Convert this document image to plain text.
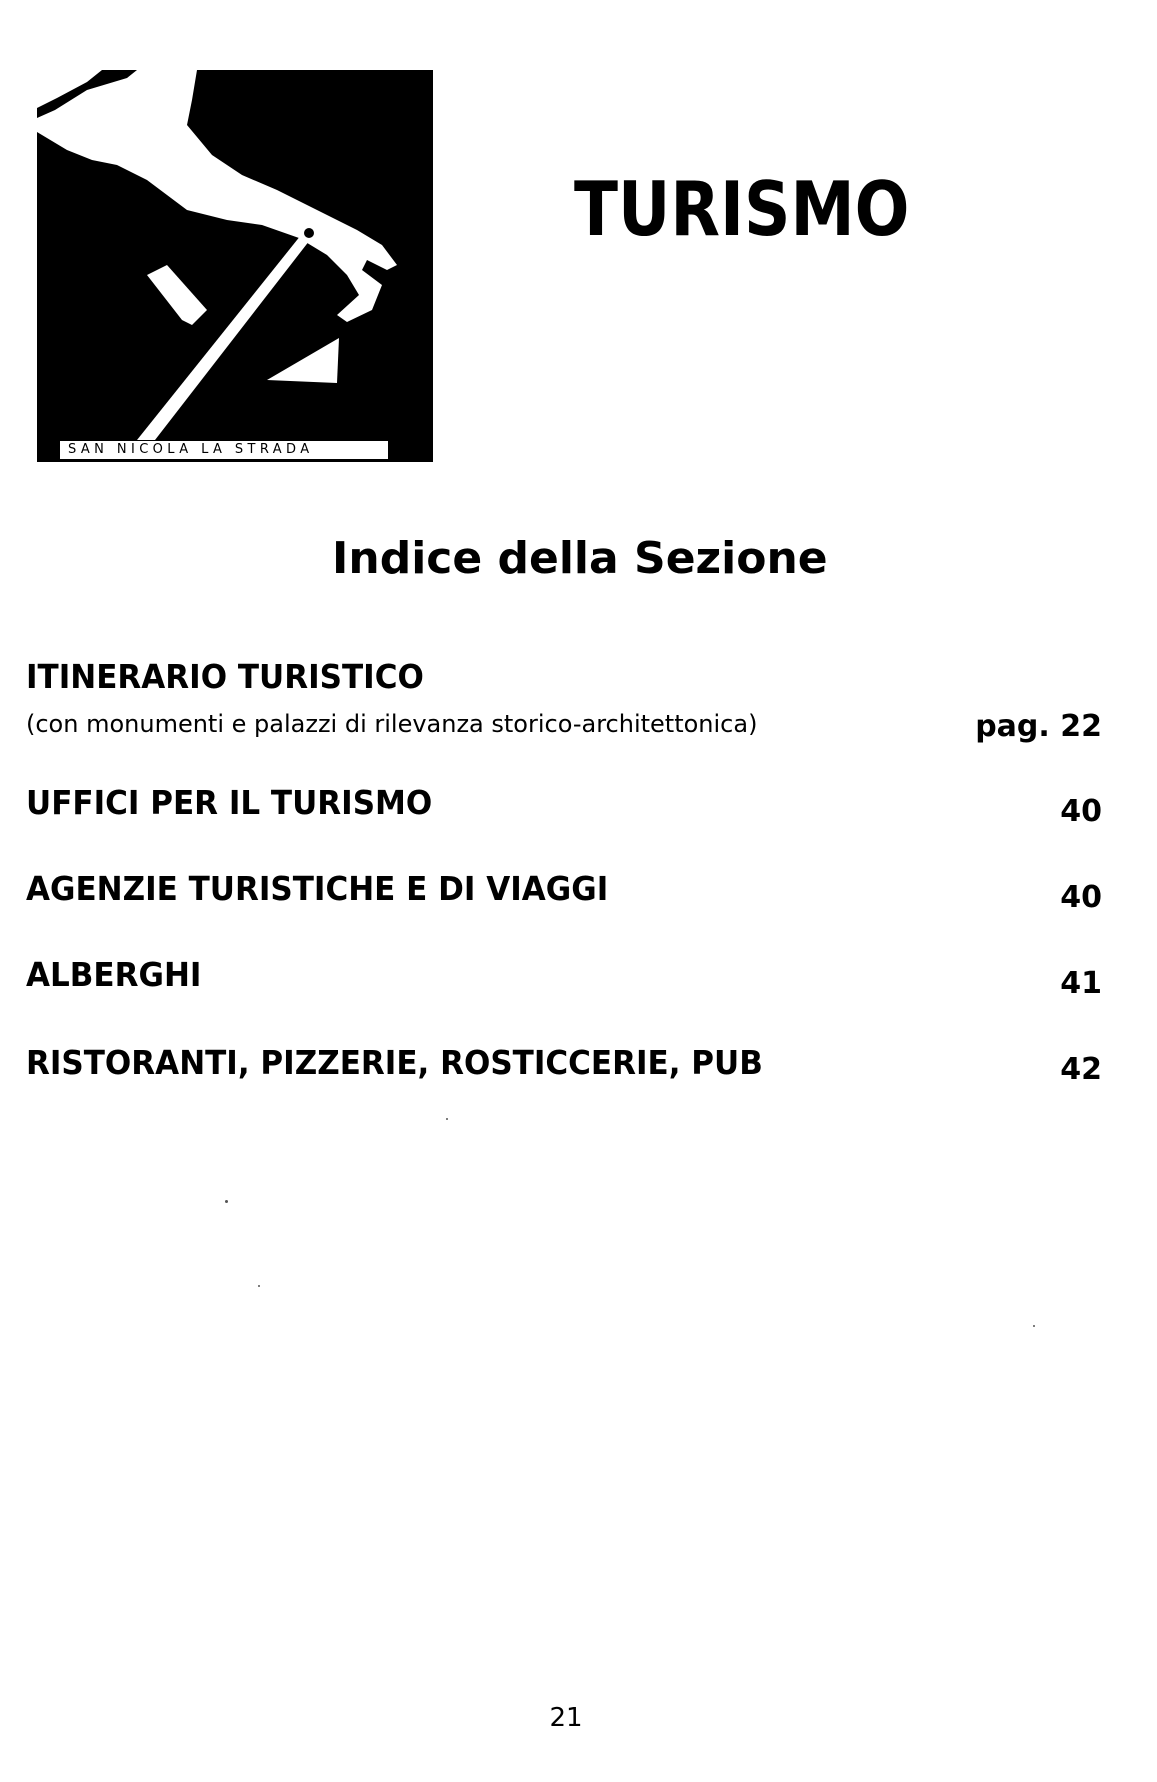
SAN NICOLA LA STRADA
TURISMO
Indice della Sezione
ITINERARIO TURISTICO
(con monumenti e palazzi di rilevanza storico-architettonica)	pag. 22
UFFICI PER IL TURISMO	40
AGENZIE TURISTICHE E DI VIAGGI	40
ALBERGHI	41
RISTORANTI, PIZZERIE, ROSTICCERIE, PUB	42
21
